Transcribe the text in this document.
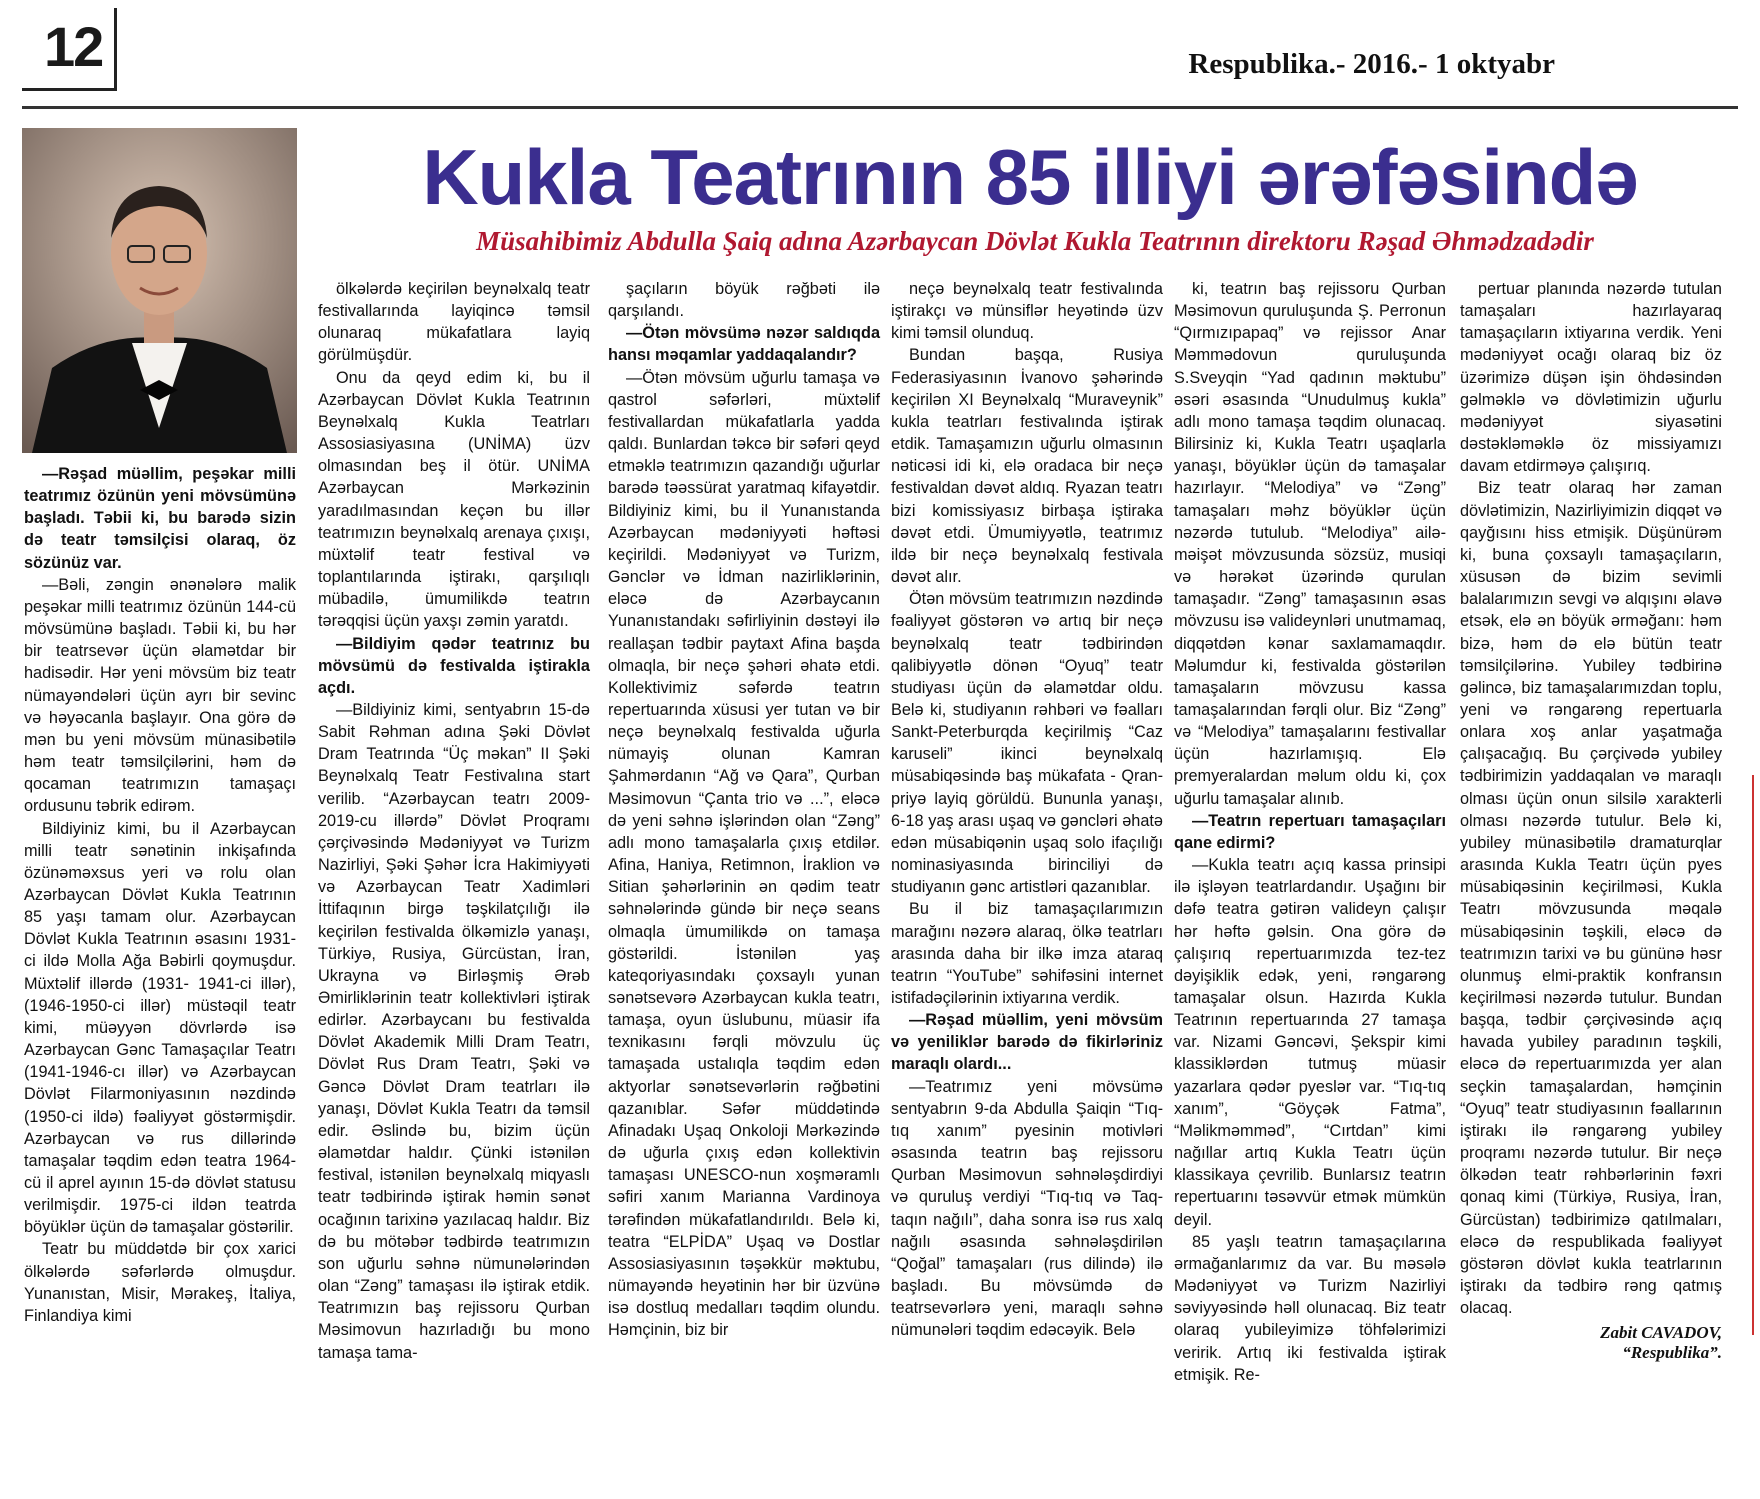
12	Respublika.- 2016.- 1 oktyabr
Kukla Teatrının 85 illiyi ərəfəsində
Müsahibimiz Abdulla Şaiq adına Azərbaycan Dövlət Kukla Teatrının direktoru Rəşad Əhmədzadədir

—Rəşad müəllim, peşəkar milli teatrımız özünün yeni mövsümünə başladı. Təbii ki, bu barədə sizin də teatr təmsilçisi olaraq, öz sözünüz var.

—Bəli, zəngin ənənələrə malik peşəkar milli teatrımız özünün 144-cü mövsümünə başladı. Təbii ki, bu hər bir teatrsevər üçün əlamətdar bir hadisədir. Hər yeni mövsüm biz teatr nümayəndələri üçün ayrı bir sevinc və həyəcanla başlayır. Ona görə də mən bu yeni mövsüm münasibətilə həm teatr təmsilçilərini, həm də qocaman teatrımızın tamaşaçı ordusunu təbrik edirəm.

Bildiyiniz kimi, bu il Azərbaycan milli teatr sənətinin inkişafında özünəməxsus yeri və rolu olan Azərbaycan Dövlət Kukla Teatrının 85 yaşı tamam olur. Azərbaycan Dövlət Kukla Teatrının əsasını 1931-ci ildə Molla Ağa Bəbirli qoymuşdur. Müxtəlif illərdə (1931- 1941-ci illər), (1946-1950-ci illər) müstəqil teatr kimi, müəyyən dövrlərdə isə Azərbaycan Gənc Tamaşaçılar Teatrı (1941-1946-cı illər) və Azərbaycan Dövlət Filarmoniyasının nəzdində (1950-ci ildə) fəaliyyət göstərmişdir. Azərbaycan və rus dillərində tamaşalar təqdim edən teatra 1964-cü il aprel ayının 15-də dövlət statusu verilmişdir. 1975-ci ildən teatrda böyüklər üçün də tamaşalar göstərilir.

Teatr bu müddətdə bir çox xarici ölkələrdə səfərlərdə olmuşdur. Yunanıstan, Misir, Mərakeş, İtaliya, Finlandiya kimi

ölkələrdə keçirilən beynəlxalq teatr festivallarında layiqincə təmsil olunaraq mükafatlara layiq görülmüşdür.

Onu da qeyd edim ki, bu il Azərbaycan Dövlət Kukla Teatrının Beynəlxalq Kukla Teatrları Assosiasiyasına (UNİMA) üzv olmasından beş il ötür. UNİMA Azərbaycan Mərkəzinin yaradılmasından keçən bu illər teatrımızın beynəlxalq arenaya çıxışı, müxtəlif teatr festival və toplantılarında iştirakı, qarşılıqlı mübadilə, ümumilikdə teatrın tərəqqisi üçün yaxşı zəmin yaratdı.

—Bildiyim qədər teatrınız bu mövsümü də festivalda iştirakla açdı.

—Bildiyiniz kimi, sentyabrın 15-də Sabit Rəhman adına Şəki Dövlət Dram Teatrında “Üç məkan” II Şəki Beynəlxalq Teatr Festivalına start verilib. “Azərbaycan teatrı 2009-2019-cu illərdə” Dövlət Proqramı çərçivəsində Mədəniyyət və Turizm Nazirliyi, Şəki Şəhər İcra Hakimiyyəti və Azərbaycan Teatr Xadimləri İttifaqının birgə təşkilatçılığı ilə keçirilən festivalda ölkəmizlə yanaşı, Türkiyə, Rusiya, Gürcüstan, İran, Ukrayna və Birləşmiş Ərəb Əmirliklərinin teatr kollektivləri iştirak edirlər. Azərbaycanı bu festivalda Dövlət Akademik Milli Dram Teatrı, Dövlət Rus Dram Teatrı, Şəki və Gəncə Dövlət Dram teatrları ilə yanaşı, Dövlət Kukla Teatrı da təmsil edir. Əslində bu, bizim üçün əlamətdar haldır. Çünki istənilən festival, istənilən beynəlxalq miqyaslı teatr tədbirində iştirak həmin sənət ocağının tarixinə yazılacaq haldır. Biz də bu mötəbər tədbirdə teatrımızın son uğurlu səhnə nümunələrindən olan “Zəng” tamaşası ilə iştirak etdik. Teatrımızın baş rejissoru Qurban Məsimovun hazırladığı bu mono tamaşa tama-

şaçıların böyük rəğbəti ilə qarşılandı.

—Ötən mövsümə nəzər saldıqda hansı məqamlar yaddaqalandır?

—Ötən mövsüm uğurlu tamaşa və qastrol səfərləri, müxtəlif festivallardan mükafatlarla yadda qaldı. Bunlardan təkcə bir səfəri qeyd etməklə teatrımızın qazandığı uğurlar barədə təəssürat yaratmaq kifayətdir. Bildiyiniz kimi, bu il Yunanıstanda Azərbaycan mədəniyyəti həftəsi keçirildi. Mədəniyyət və Turizm, Gənclər və İdman nazirliklərinin, eləcə də Azərbaycanın Yunanıstandakı səfirliyinin dəstəyi ilə reallaşan tədbir paytaxt Afina başda olmaqla, bir neçə şəhəri əhatə etdi. Kollektivimiz səfərdə teatrın repertuarında xüsusi yer tutan və bir neçə beynəlxalq festivalda uğurla nümayiş olunan Kamran Şahmərdanın “Ağ və Qara”, Qurban Məsimovun “Çanta trio və ...”, eləcə də yeni səhnə işlərindən olan “Zəng” adlı mono tamaşalarla çıxış etdilər. Afina, Haniya, Retimnon, İraklion və Sitian şəhərlərinin ən qədim teatr səhnələrində gündə bir neçə seans olmaqla ümumilikdə on tamaşa göstərildi. İstənilən yaş kateqoriyasındakı çoxsaylı yunan sənətsevərə Azərbaycan kukla teatrı, tamaşa, oyun üslubunu, müasir ifa texnikasını fərqli mövzulu üç tamaşada ustalıqla təqdim edən aktyorlar sənətsevərlərin rəğbətini qazanıblar. Səfər müddətində Afinadakı Uşaq Onkoloji Mərkəzində də uğurla çıxış edən kollektivin tamaşası UNESCO-nun xoşməramlı səfiri xanım Marianna Vardinoya tərəfindən mükafatlandırıldı. Belə ki, teatra “ELPİDA” Uşaq və Dostlar Assosiasiyasının təşəkkür məktubu, nümayəndə heyətinin hər bir üzvünə isə dostluq medalları təqdim olundu. Həmçinin, biz bir

neçə beynəlxalq teatr festivalında iştirakçı və münsiflər heyətində üzv kimi təmsil olunduq.

Bundan başqa, Rusiya Federasiyasının İvanovo şəhərində keçirilən XI Beynəlxalq “Muraveynik” kukla teatrları festivalında iştirak etdik. Tamaşamızın uğurlu olmasının nəticəsi idi ki, elə oradaca bir neçə festivaldan dəvət aldıq. Ryazan teatrı bizi komissiyasız birbaşa iştiraka dəvət etdi. Ümumiyyətlə, teatrımız ildə bir neçə beynəlxalq festivala dəvət alır.

Ötən mövsüm teatrımızın nəzdində fəaliyyət göstərən və artıq bir neçə beynəlxalq teatr tədbirindən qalibiyyətlə dönən “Oyuq” teatr studiyası üçün də əlamətdar oldu. Belə ki, studiyanın rəhbəri və fəalları Sankt-Peterburqda keçirilmiş “Caz karuseli” ikinci beynəlxalq müsabiqəsində baş mükafata - Qran-priyə layiq görüldü. Bununla yanaşı, 6-18 yaş arası uşaq və gəncləri əhatə edən müsabiqənin uşaq solo ifaçılığı nominasiyasında birinciliyi də studiyanın gənc artistləri qazanıblar.

Bu il biz tamaşaçılarımızın marağını nəzərə alaraq, ölkə teatrları arasında daha bir ilkə imza ataraq teatrın “YouTube” səhifəsini internet istifadəçilərinin ixtiyarına verdik.

—Rəşad müəllim, yeni mövsüm və yeniliklər barədə də fikirləriniz maraqlı olardı...

—Teatrımız yeni mövsümə sentyabrın 9-da Abdulla Şaiqin “Tıq-tıq xanım” pyesinin motivləri əsasında teatrın baş rejissoru Qurban Məsimovun səhnələşdirdiyi və quruluş verdiyi “Tıq-tıq və Taq-taqın nağılı”, daha sonra isə rus xalq nağılı əsasında səhnələşdirilən “Qoğal” tamaşaları (rus dilində) ilə başladı. Bu mövsümdə də teatrsevərlərə yeni, maraqlı səhnə nümunələri təqdim edəcəyik. Belə

ki, teatrın baş rejissoru Qurban Məsimovun quruluşunda Ş. Perronun “Qırmızıpapaq” və rejissor Anar Məmmədovun quruluşunda S.Sveyqin “Yad qadının məktubu” əsəri əsasında “Unudulmuş kukla” adlı mono tamaşa təqdim olunacaq. Bilirsiniz ki, Kukla Teatrı uşaqlarla yanaşı, böyüklər üçün də tamaşalar hazırlayır. “Melodiya” və “Zəng” tamaşaları məhz böyüklər üçün nəzərdə tutulub. “Melodiya” ailə-məişət mövzusunda sözsüz, musiqi və hərəkət üzərində qurulan tamaşadır. “Zəng” tamaşasının əsas mövzusu isə valideynləri unutmamaq, diqqətdən kənar saxlamamaqdır. Məlumdur ki, festivalda göstərilən tamaşaların mövzusu kassa tamaşalarından fərqli olur. Biz “Zəng” və “Melodiya” tamaşalarını festivallar üçün hazırlamışıq. Elə premyeralardan məlum oldu ki, çox uğurlu tamaşalar alınıb.

—Teatrın repertuarı tamaşaçıları qane edirmi?

—Kukla teatrı açıq kassa prinsipi ilə işləyən teatrlardandır. Uşağını bir dəfə teatra gətirən valideyn çalışır hər həftə gəlsin. Ona görə də çalışırıq repertuarımızda tez-tez dəyişiklik edək, yeni, rəngarəng tamaşalar olsun. Hazırda Kukla Teatrının repertuarında 27 tamaşa var. Nizami Gəncəvi, Şekspir kimi klassiklərdən tutmuş müasir yazarlara qədər pyeslər var. “Tıq-tıq xanım”, “Göyçək Fatma”, “Məlikməmməd”, “Cırtdan” kimi nağıllar artıq Kukla Teatrı üçün klassikaya çevrilib. Bunlarsız teatrın repertuarını təsəvvür etmək mümkün deyil.

85 yaşlı teatrın tamaşaçılarına ərmağanlarımız da var. Bu məsələ Mədəniyyət və Turizm Nazirliyi səviyyəsində həll olunacaq. Biz teatr olaraq yubileyimizə töhfələrimizi veririk. Artıq iki festivalda iştirak etmişik. Re-

pertuar planında nəzərdə tutulan tamaşaları hazırlayaraq tamaşaçıların ixtiyarına verdik. Yeni mədəniyyət ocağı olaraq biz öz üzərimizə düşən işin öhdəsindən gəlməklə və dövlətimizin uğurlu mədəniyyət siyasətini dəstəkləməklə öz missiyamızı davam etdirməyə çalışırıq.

Biz teatr olaraq hər zaman dövlətimizin, Nazirliyimizin diqqət və qayğısını hiss etmişik. Düşünürəm ki, buna çoxsaylı tamaşaçıların, xüsusən də bizim sevimli balalarımızın sevgi və alqışını əlavə etsək, elə ən böyük ərməğanı: həm bizə, həm də elə bütün teatr təmsilçilərinə. Yubiley tədbirinə gəlincə, biz tamaşalarımızdan toplu, yeni və rəngarəng repertuarla onlara xoş anlar yaşatmağa çalışacağıq. Bu çərçivədə yubiley tədbirimizin yaddaqalan və maraqlı olması üçün onun silsilə xarakterli olması nəzərdə tutulur. Belə ki, yubiley münasibətilə dramaturqlar arasında Kukla Teatrı üçün pyes müsabiqəsinin keçirilməsi, Kukla Teatrı mövzusunda məqalə müsabiqəsinin təşkili, eləcə də teatrımızın tarixi və bu gününə həsr olunmuş elmi-praktik konfransın keçirilməsi nəzərdə tutulur. Bundan başqa, tədbir çərçivəsində açıq havada yubiley paradının təşkili, eləcə də repertuarımızda yer alan seçkin tamaşalardan, həmçinin “Oyuq” teatr studiyasının fəallarının iştirakı ilə rəngarəng yubiley proqramı nəzərdə tutulur. Bir neçə ölkədən teatr rəhbərlərinin fəxri qonaq kimi (Türkiyə, Rusiya, İran, Gürcüstan) tədbirimizə qatılmaları, eləcə də respublikada fəaliyyət göstərən dövlət kukla teatrlarının iştirakı da tədbirə rəng qatmış olacaq.

Zabit CAVADOV,
“Respublika”.
